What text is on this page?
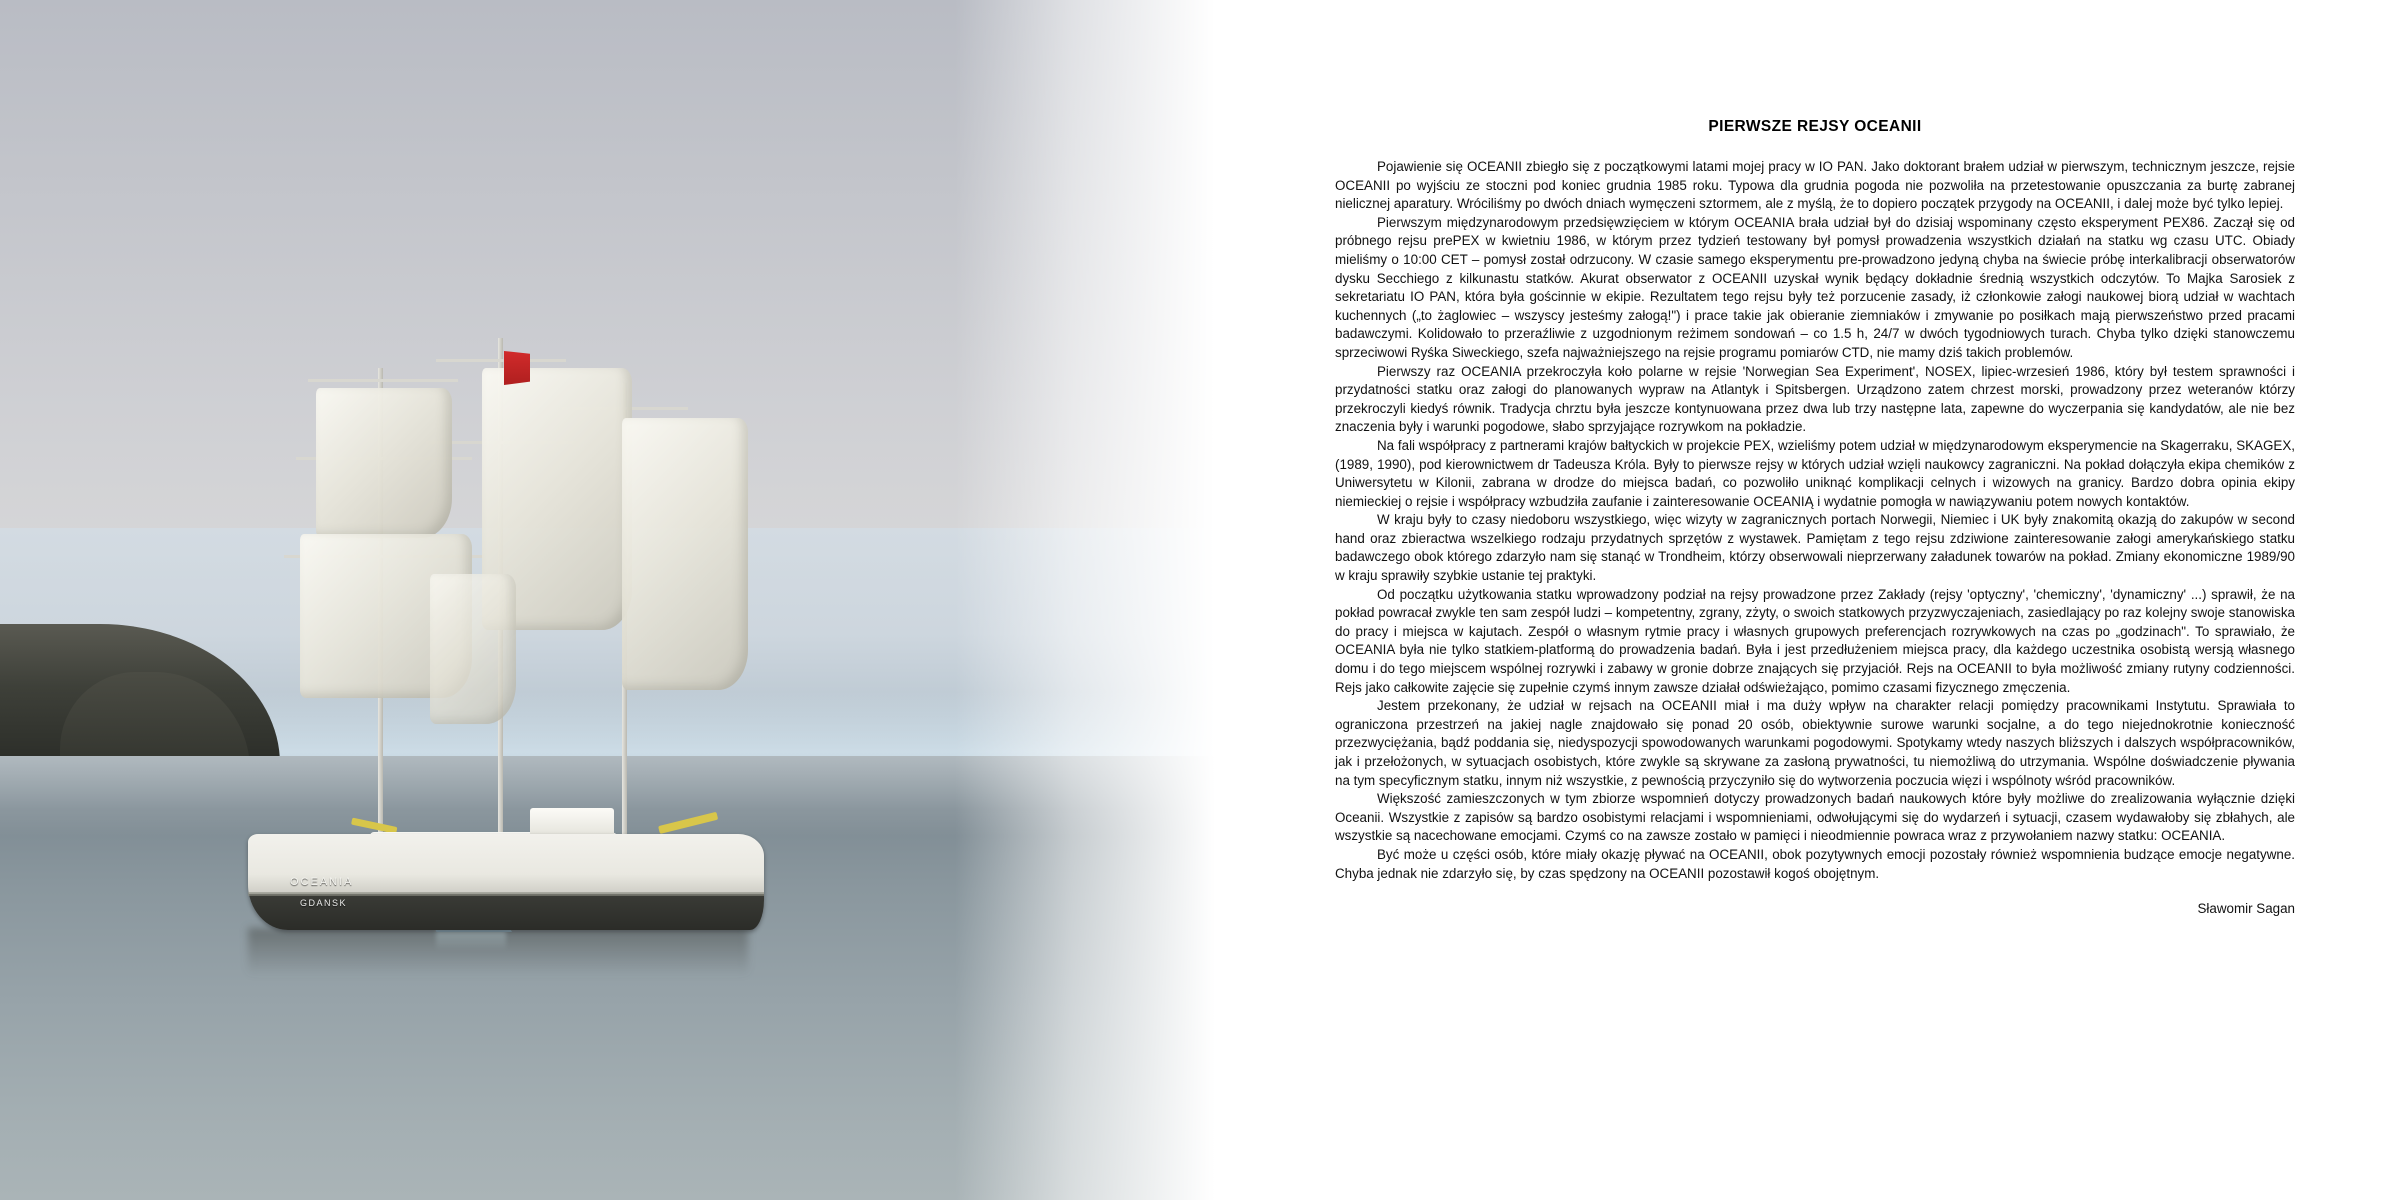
OCEANIA
GDANSK
PIERWSZE REJSY OCEANII

Pojawienie się OCEANII zbiegło się z początkowymi latami mojej pracy w IO PAN. Jako doktorant brałem udział w pierwszym, technicznym jeszcze, rejsie OCEANII po wyjściu ze stoczni pod koniec grudnia 1985 roku. Typowa dla grudnia pogoda nie pozwoliła na przetestowanie opuszczania za burtę zabranej nielicznej aparatury. Wróciliśmy po dwóch dniach wymęczeni sztormem, ale z myślą, że to dopiero początek przygody na OCEANII, i dalej może być tylko lepiej.

Pierwszym międzynarodowym przedsięwzięciem w którym OCEANIA brała udział był do dzisiaj wspominany często eksperyment PEX86. Zaczął się od próbnego rejsu prePEX w kwietniu 1986, w którym przez tydzień testowany był pomysł prowadzenia wszystkich działań na statku wg czasu UTC. Obiady mieliśmy o 10:00 CET – pomysł został odrzucony. W czasie samego eksperymentu pre-prowadzono jedyną chyba na świecie próbę interkalibracji obserwatorów dysku Secchiego z kilkunastu statków. Akurat obserwator z OCEANII uzyskał wynik będący dokładnie średnią wszystkich odczytów. To Majka Sarosiek z sekretariatu IO PAN, która była gościnnie w ekipie. Rezultatem tego rejsu były też porzucenie zasady, iż członkowie załogi naukowej biorą udział w wachtach kuchennych („to żaglowiec – wszyscy jesteśmy załogą!") i prace takie jak obieranie ziemniaków i zmywanie po posiłkach mają pierwszeństwo przed pracami badawczymi. Kolidowało to przeraźliwie z uzgodnionym reżimem sondowań – co 1.5 h, 24/7 w dwóch tygodniowych turach. Chyba tylko dzięki stanowczemu sprzeciwowi Ryśka Siweckiego, szefa najważniejszego na rejsie programu pomiarów CTD, nie mamy dziś takich problemów.

Pierwszy raz OCEANIA przekroczyła koło polarne w rejsie 'Norwegian Sea Experiment', NOSEX, lipiec-wrzesień 1986, który był testem sprawności i przydatności statku oraz załogi do planowanych wypraw na Atlantyk i Spitsbergen. Urządzono zatem chrzest morski, prowadzony przez weteranów którzy przekroczyli kiedyś równik. Tradycja chrztu była jeszcze kontynuowana przez dwa lub trzy następne lata, zapewne do wyczerpania się kandydatów, ale nie bez znaczenia były i warunki pogodowe, słabo sprzyjające rozrywkom na pokładzie.

Na fali współpracy z partnerami krajów bałtyckich w projekcie PEX, wzieliśmy potem udział w międzynarodowym eksperymencie na Skagerraku, SKAGEX, (1989, 1990), pod kierownictwem dr Tadeusza Króla. Były to pierwsze rejsy w których udział wzięli naukowcy zagraniczni. Na pokład dołączyła ekipa chemików z Uniwersytetu w Kilonii, zabrana w drodze do miejsca badań, co pozwoliło uniknąć komplikacji celnych i wizowych na granicy. Bardzo dobra opinia ekipy niemieckiej o rejsie i współpracy wzbudziła zaufanie i zainteresowanie OCEANIĄ i wydatnie pomogła w nawiązywaniu potem nowych kontaktów.

W kraju były to czasy niedoboru wszystkiego, więc wizyty w zagranicznych portach Norwegii, Niemiec i UK były znakomitą okazją do zakupów w second hand oraz zbieractwa wszelkiego rodzaju przydatnych sprzętów z wystawek. Pamiętam z tego rejsu zdziwione zainteresowanie załogi amerykańskiego statku badawczego obok którego zdarzyło nam się stanąć w Trondheim, którzy obserwowali nieprzerwany załadunek towarów na pokład. Zmiany ekonomiczne 1989/90 w kraju sprawiły szybkie ustanie tej praktyki.

Od początku użytkowania statku wprowadzony podział na rejsy prowadzone przez Zakłady (rejsy 'optyczny', 'chemiczny', 'dynamiczny' ...) sprawił, że na pokład powracał zwykle ten sam zespół ludzi – kompetentny, zgrany, zżyty, o swoich statkowych przyzwyczajeniach, zasiedlający po raz kolejny swoje stanowiska do pracy i miejsca w kajutach. Zespół o własnym rytmie pracy i własnych grupowych preferencjach rozrywkowych na czas po „godzinach". To sprawiało, że OCEANIA była nie tylko statkiem-platformą do prowadzenia badań. Była i jest przedłużeniem miejsca pracy, dla każdego uczestnika osobistą wersją własnego domu i do tego miejscem wspólnej rozrywki i zabawy w gronie dobrze znających się przyjaciół. Rejs na OCEANII to była możliwość zmiany rutyny codzienności. Rejs jako całkowite zajęcie się zupełnie czymś innym zawsze działał odświeżająco, pomimo czasami fizycznego zmęczenia.

Jestem przekonany, że udział w rejsach na OCEANII miał i ma duży wpływ na charakter relacji pomiędzy pracownikami Instytutu. Sprawiała to ograniczona przestrzeń na jakiej nagle znajdowało się ponad 20 osób, obiektywnie surowe warunki socjalne, a do tego niejednokrotnie konieczność przezwyciężania, bądź poddania się, niedyspozycji spowodowanych warunkami pogodowymi. Spotykamy wtedy naszych bliższych i dalszych współpracowników, jak i przełożonych, w sytuacjach osobistych, które zwykle są skrywane za zasłoną prywatności, tu niemożliwą do utrzymania. Wspólne doświadczenie pływania na tym specyficznym statku, innym niż wszystkie, z pewnością przyczyniło się do wytworzenia poczucia więzi i wspólnoty wśród pracowników.

Większość zamieszczonych w tym zbiorze wspomnień dotyczy prowadzonych badań naukowych które były możliwe do zrealizowania wyłącznie dzięki Oceanii. Wszystkie z zapisów są bardzo osobistymi relacjami i wspomnieniami, odwołującymi się do wydarzeń i sytuacji, czasem wydawałoby się zbłahych, ale wszystkie są nacechowane emocjami. Czymś co na zawsze zostało w pamięci i nieodmiennie powraca wraz z przywołaniem nazwy statku: OCEANIA.

Być może u części osób, które miały okazję pływać na OCEANII, obok pozytywnych emocji pozostały również wspomnienia budzące emocje negatywne. Chyba jednak nie zdarzyło się, by czas spędzony na OCEANII pozostawił kogoś obojętnym.

Sławomir Sagan
